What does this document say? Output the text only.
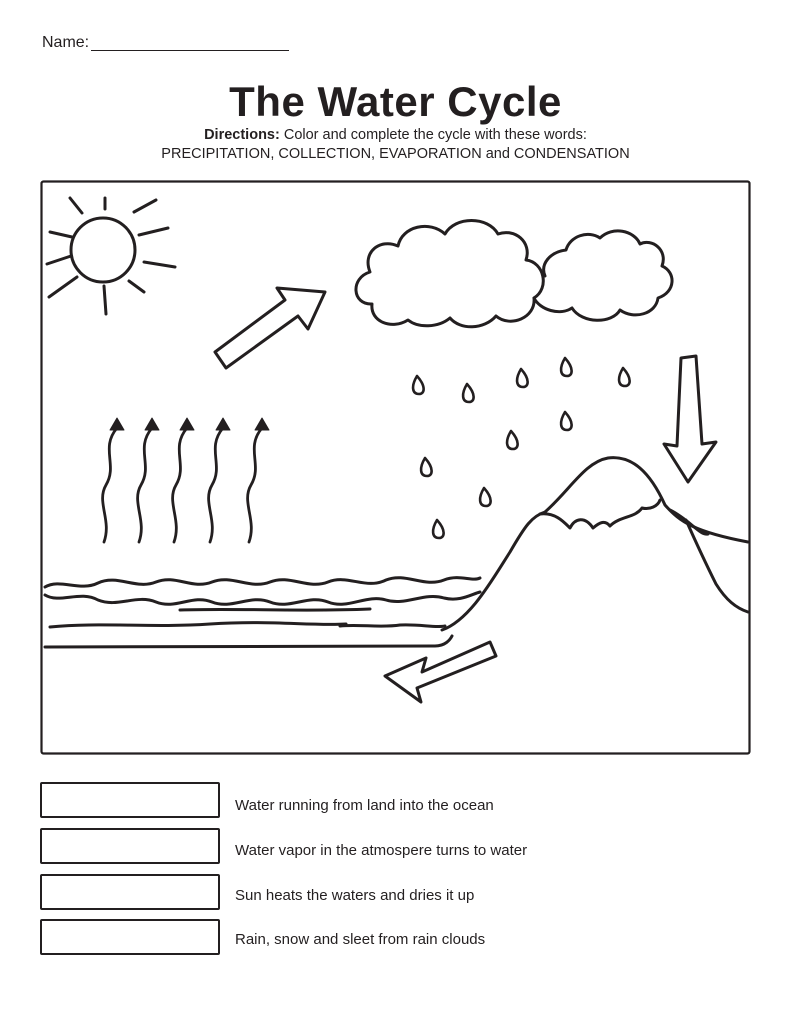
Name:
The Water Cycle
Directions: Color and complete the cycle with these words:
PRECIPITATION, COLLECTION, EVAPORATION and CONDENSATION
Water running from land into the ocean
Water vapor in the atmospere turns to water
Sun heats the waters and dries it up
Rain, snow and sleet from rain clouds
